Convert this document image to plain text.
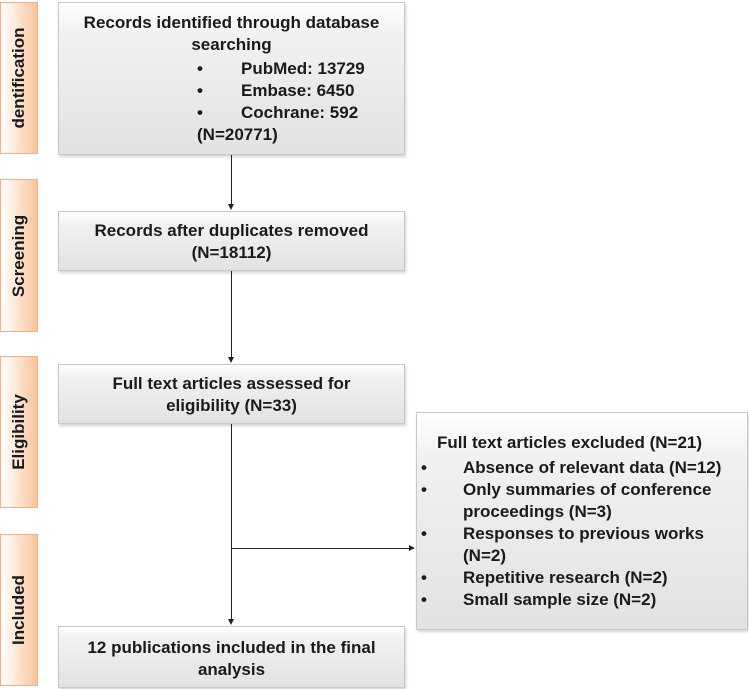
dentification
Screening
Eligibility
Included
Records identified through database
searching
• PubMed: 13729
• Embase: 6450
• Cochrane: 592
(N=20771)
Records after duplicates removed
(N=18112)
Full text articles assessed for
eligibility (N=33)
Full text articles excluded (N=21)
• Absence of relevant data (N=12)
• Only summaries of conference
proceedings (N=3)
• Responses to previous works
(N=2)
• Repetitive research (N=2)
• Small sample size (N=2)
12 publications included in the final
analysis
